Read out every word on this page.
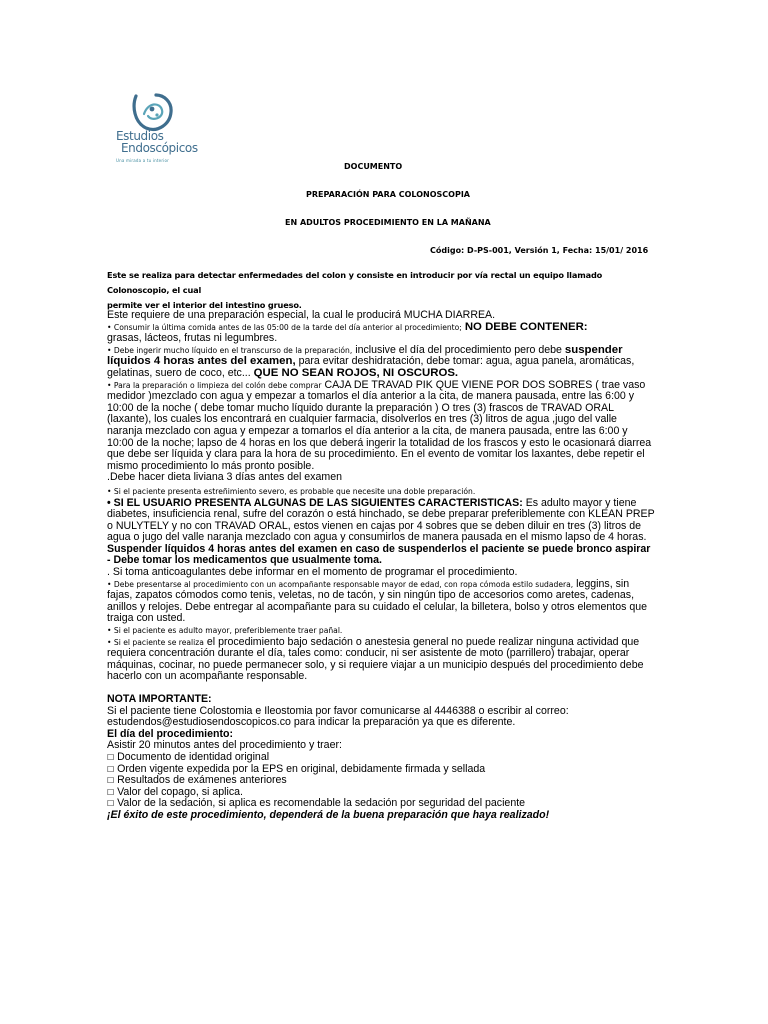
Estudios
Endoscópicos
Una mirada a tu interior
DOCUMENTO
PREPARACIÓN PARA COLONOSCOPIA
EN ADULTOS PROCEDIMIENTO EN LA MAÑANA
Código: D-PS-001, Versión 1, Fecha: 15/01/ 2016
Este se realiza para detectar enfermedades del colon y consiste en introducir por vía rectal un equipo llamado Colonoscopio, el cual
permite ver el interior del intestino grueso.

Este requiere de una preparación especial, la cual le producirá MUCHA DIARREA.

• Consumir la última comida antes de las 05:00 de la tarde del día anterior al procedimiento; NO DEBE CONTENER:
grasas, lácteos, frutas ni legumbres.

• Debe ingerir mucho líquido en el transcurso de la preparación, inclusive el día del procedimiento pero debe suspender líquidos 4 horas antes del examen, para evitar deshidratación, debe tomar: agua, agua panela, aromáticas, gelatinas, suero de coco, etc... QUE NO SEAN ROJOS, NI OSCUROS.

• Para la preparación o limpieza del colón debe comprar CAJA DE TRAVAD PIK QUE VIENE POR DOS SOBRES ( trae vaso medidor )mezclado con agua y empezar a tomarlos el día anterior a la cita, de manera pausada, entre las 6:00 y 10:00 de la noche ( debe tomar mucho líquido durante la preparación ) O tres (3) frascos de TRAVAD ORAL (laxante), los cuales los encontrará en cualquier farmacia, disolverlos en tres (3) litros de agua ,jugo del valle naranja mezclado con agua y empezar a tomarlos el día anterior a la cita, de manera pausada, entre las 6:00 y 10:00 de la noche; lapso de 4 horas en los que deberá ingerir la totalidad de los frascos y esto le ocasionará diarrea que debe ser líquida y clara para la hora de su procedimiento. En el evento de vomitar los laxantes, debe repetir el mismo procedimiento lo más pronto posible.

.Debe hacer dieta liviana 3 días antes del examen

• Si el paciente presenta estreñimiento severo, es probable que necesite una doble preparación.

• SI EL USUARIO PRESENTA ALGUNAS DE LAS SIGUIENTES CARACTERISTICAS: Es adulto mayor y tiene diabetes, insuficiencia renal, sufre del corazón o está hinchado, se debe preparar preferiblemente con KLEAN PREP o NULYTELY y no con TRAVAD ORAL, estos vienen en cajas por 4 sobres que se deben diluir en tres (3) litros de agua o jugo del valle naranja mezclado con agua y consumirlos de manera pausada en el mismo lapso de 4 horas.

Suspender líquidos 4 horas antes del examen en caso de suspenderlos el paciente se puede bronco aspirar

- Debe tomar los medicamentos que usualmente toma.

. Si toma anticoagulantes debe informar en el momento de programar el procedimiento.

• Debe presentarse al procedimiento con un acompañante responsable mayor de edad, con ropa cómoda estilo sudadera, leggins, sin fajas, zapatos cómodos como tenis, veletas, no de tacón, y sin ningún tipo de accesorios como aretes, cadenas, anillos y relojes. Debe entregar al acompañante para su cuidado el celular, la billetera, bolso y otros elementos que traiga con usted.

• Si el paciente es adulto mayor, preferiblemente traer pañal.

• Si el paciente se realiza el procedimiento bajo sedación o anestesia general no puede realizar ninguna actividad que requiera concentración durante el día, tales como: conducir, ni ser asistente de moto (parrillero) trabajar, operar máquinas, cocinar, no puede permanecer solo, y si requiere viajar a un municipio después del procedimiento debe hacerlo con un acompañante responsable.

NOTA IMPORTANTE:
Si el paciente tiene Colostomia e Ileostomia por favor comunicarse al 4446388 o escribir al correo:
estudendos@estudiosendoscopicos.co para indicar la preparación ya que es diferente.
El día del procedimiento:
Asistir 20 minutos antes del procedimiento y traer:

☐ Documento de identidad original
☐ Orden vigente expedida por la EPS en original, debidamente firmada y sellada
☐ Resultados de exámenes anteriores
☐ Valor del copago, si aplica.
☐ Valor de la sedación, si aplica es recomendable la sedación por seguridad del paciente

¡El éxito de este procedimiento, dependerá de la buena preparación que haya realizado!
